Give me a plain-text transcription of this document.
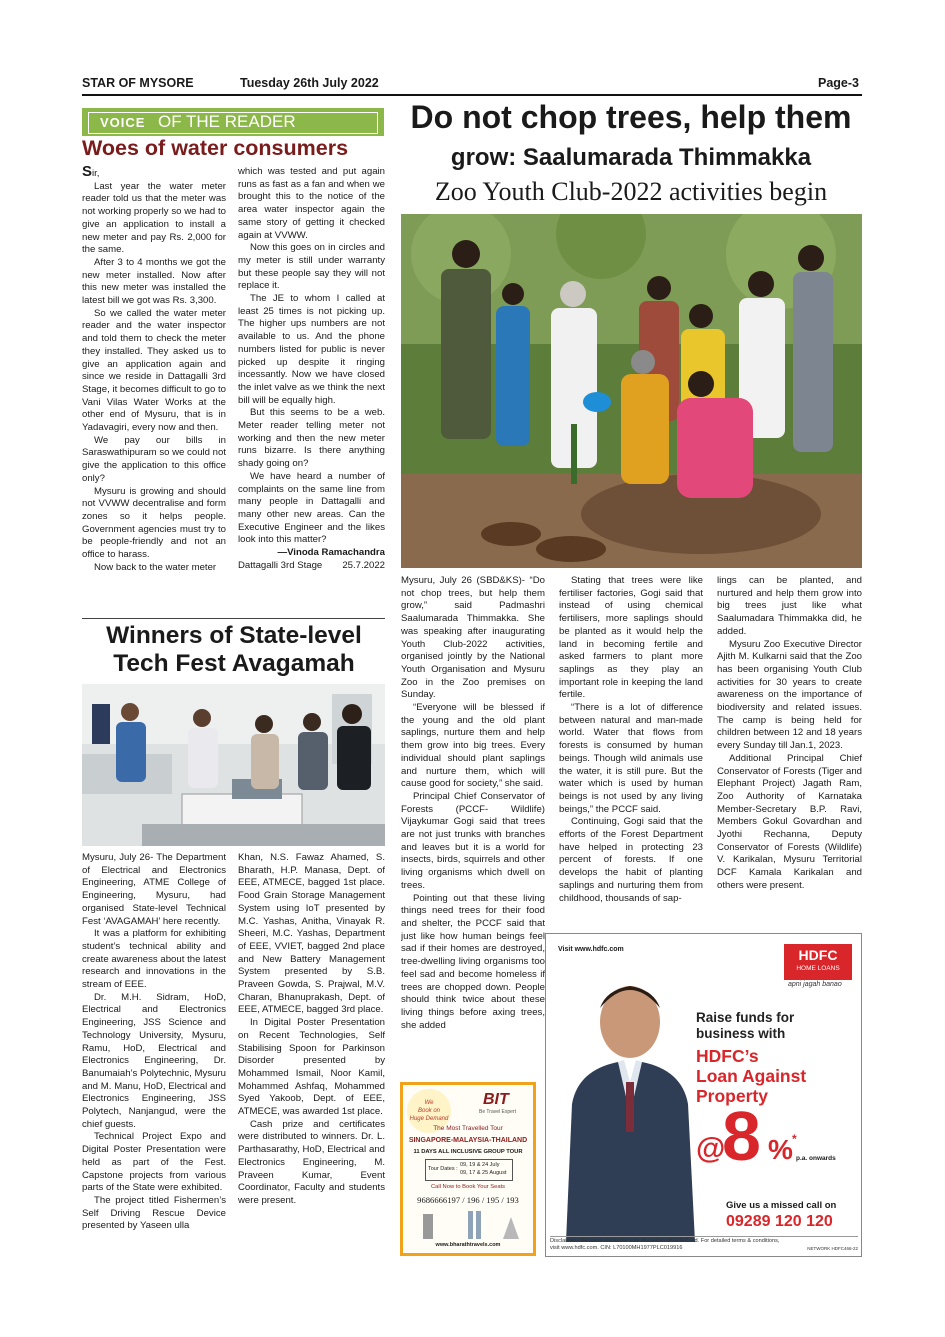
STAR OF MYSORE	Tuesday 26th July 2022	Page-3
VOICE OF THE READER
Woes of water consumers

Sir,

Last year the water meter reader told us that the meter was not working properly so we had to give an application to install a new meter and pay Rs. 2,000 for the same.

After 3 to 4 months we got the new meter installed. Now after this new meter was installed the latest bill we got was Rs. 3,300.

So we called the water meter reader and the water inspector and told them to check the meter they installed. They asked us to give an application again and since we reside in Dattagalli 3rd Stage, it becomes difficult to go to Vani Vilas Water Works at the other end of Mysuru, that is in Yadavagiri, every now and then.

We pay our bills in Saraswathipuram so we could not give the application to this office only?

Mysuru is growing and should not VVWW decentralise and form zones so it helps people. Government agencies must try to be people-friendly and not an office to harass.

Now back to the water meter

which was tested and put again runs as fast as a fan and when we brought this to the notice of the area water inspector again the same story of getting it checked again at VVWW.

Now this goes on in circles and my meter is still under warranty but these people say they will not replace it.

The JE to whom I called at least 25 times is not picking up. The higher ups numbers are not available to us. And the phone numbers listed for public is never picked up despite it ringing incessantly. Now we have closed the inlet valve as we think the next bill will be equally high.

But this seems to be a web. Meter reader telling meter not working and then the new meter runs bizarre. Is there anything shady going on?

We have heard a number of complaints on the same line from many people in Dattagalli and many other new areas. Can the Executive Engineer and the likes look into this matter?

—Vinoda Ramachandra

Dattagalli 3rd Stage 25.7.2022
Winners of State-level
Tech Fest Avagamah

Mysuru, July 26- The Department of Electrical and Electronics Engineering, ATME College of Engineering, Mysuru, had organised State-level Technical Fest ‘AVAGAMAH’ here recently.

It was a platform for exhibiting student’s technical ability and create awareness about the latest research and innovations in the stream of EEE.

Dr. M.H. Sidram, HoD, Electrical and Electronics Engineering, JSS Science and Technology University, Mysuru, Ramu, HoD, Electrical and Electronics Engineering, Dr. Banumaiah’s Polytechnic, Mysuru and M. Manu, HoD, Electrical and Electronics Engineering, JSS Polytech, Nanjangud, were the chief guests.

Technical Project Expo and Digital Poster Presentation were held as part of the Fest. Capstone projects from various parts of the State were exhibited.

The project titled Fishermen’s Self Driving Rescue Device presented by Yaseen ulla

Khan, N.S. Fawaz Ahamed, S. Bharath, H.P. Manasa, Dept. of EEE, ATMECE, bagged 1st place. Food Grain Storage Management System using IoT presented by M.C. Yashas, Anitha, Vinayak R. Sheeri, M.C. Yashas, Department of EEE, VVIET, bagged 2nd place and New Battery Management System presented by S.B. Praveen Gowda, S. Prajwal, M.V. Charan, Bhanuprakash, Dept. of EEE, ATMECE, bagged 3rd place.

In Digital Poster Presentation on Recent Technologies, Self Stabilising Spoon for Parkinson Disorder presented by Mohammed Ismail, Noor Kamil, Mohammed Ashfaq, Mohammed Syed Yakoob, Dept. of EEE, ATMECE, was awarded 1st place.

Cash prize and certificates were distributed to winners. Dr. L. Parthasarathy, HoD, Electrical and Electronics Engineering, M. Praveen Kumar, Event Coordinator, Faculty and students were present.

Do not chop trees, help them
grow: Saalumarada Thimmakka
Zoo Youth Club-2022 activities begin

Mysuru, July 26 (SBD&KS)- “Do not chop trees, but help them grow,” said Padmashri Saalumarada Thimmakka. She was speaking after inaugurating Youth Club-2022 activities, organised jointly by the National Youth Organisation and Mysuru Zoo in the Zoo premises on Sunday.

“Everyone will be blessed if the young and the old plant saplings, nurture them and help them grow into big trees. Every individual should plant saplings and nurture them, which will cause good for society,” she said.

Principal Chief Conservator of Forests (PCCF- Wildlife) Vijaykumar Gogi said that trees are not just trunks with branches and leaves but it is a world for insects, birds, squirrels and other living organisms which dwell on trees.

Pointing out that these living things need trees for their food and shelter, the PCCF said that just like how human beings feel sad if their homes are destroyed, tree-dwelling living organisms too feel sad and become homeless if trees are chopped down. People should think twice about these living things before axing trees, she added

Stating that trees were like fertiliser factories, Gogi said that instead of using chemical fertilisers, more saplings should be planted as it would help the land in becoming fertile and asked farmers to plant more saplings as they play an important role in keeping the land fertile.

“There is a lot of difference between natural and man-made world. Water that flows from forests is consumed by human beings. Though wild animals use the water, it is still pure. But the water which is used by human beings is not used by any living beings,” the PCCF said.

Continuing, Gogi said that the efforts of the Forest Department have helped in protecting 23 percent of forests. If one develops the habit of planting saplings and nurturing them from childhood, thousands of sap-

lings can be planted, and nurtured and help them grow into big trees just like what Saalumadara Thimmakka did, he added.

Mysuru Zoo Executive Director Ajith M. Kulkarni said that the Zoo has been organising Youth Club activities for 30 years to create awareness on the importance of biodiversity and related issues. The camp is being held for children between 12 and 18 years every Sunday till Jan.1, 2023.

Additional Principal Chief Conservator of Forests (Tiger and Elephant Project) Jagath Ram, Zoo Authority of Karnataka Member-Secretary B.P. Ravi, Members Gokul Govardhan and Jyothi Rechanna, Deputy Conservator of Forests (Wildlife) V. Karikalan, Mysuru Territorial DCF Kamala Karikalan and others were present.

We
Book on
Huge Demand
BIT
Be Travel Expert
The Most Travelled Tour
SINGAPORE-MALAYSIA-THAILAND
11 DAYS ALL INCLUSIVE GROUP TOUR
Tour Dates :
09, 19 & 24 July
09, 17 & 25 August
Call Now to Book Your Seats
9686666197 / 196 / 195 / 193
www.bharathtravels.com
Visit www.hdfc.com	HDFC
HOME LOANS
apni jagah banao
Raise funds for
business with
HDFC’s
Loan Against
Property
@
8 % *
p.a. onwards
Give us a missed call on
09289 120 120
Disclaimer: *All loans are at the sole discretion of HDFC Ltd. For detailed terms & conditions,
visit www.hdfc.com. CIN: L70100MH1977PLC019916	NETWORK HDFC466-22
